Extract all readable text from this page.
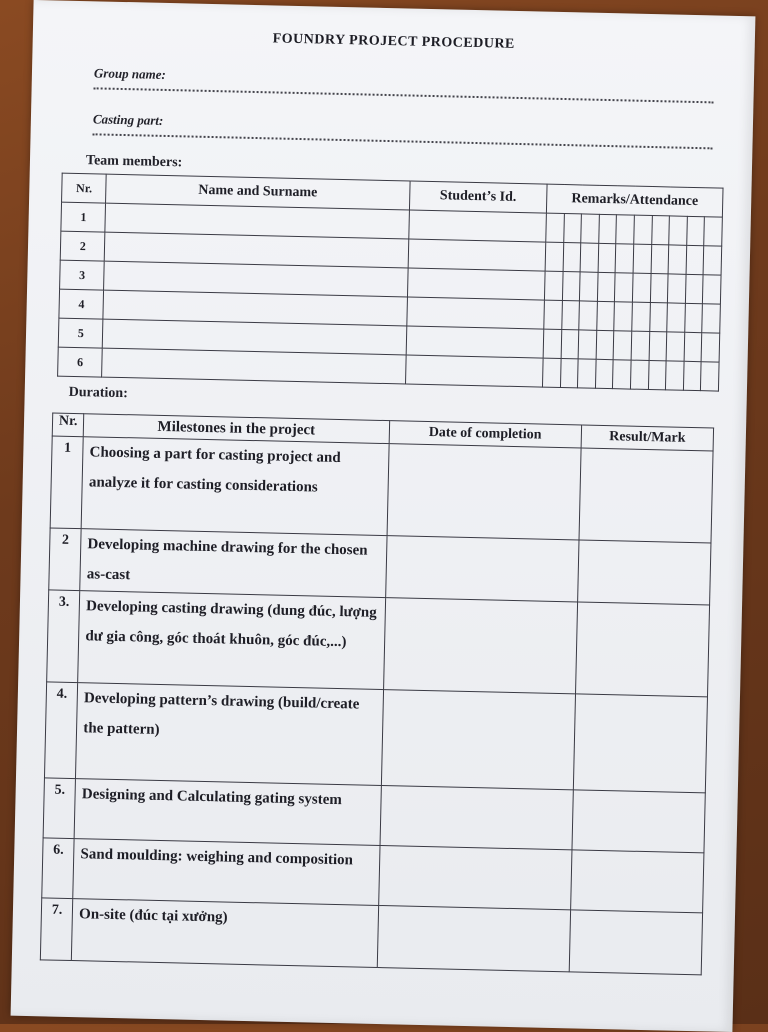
FOUNDRY PROJECT PROCEDURE
Group name:
Casting part:
Team members:
Nr.	Name and Surname	Student’s Id.	Remarks/Attendance									
1												
2												
3												
4												
5												
6												
Duration:
Nr.	Milestones in the project	Date of completion	Result/Mark
1	Choosing a part for casting project and analyze it for casting considerations		
2	Developing machine drawing for the chosen as-cast		
3.	Developing casting drawing (dung đúc, lượng dư gia công, góc thoát khuôn, góc đúc,...)		
4.	Developing pattern’s drawing (build/create the pattern)		
5.	Designing and Calculating gating system		
6.	Sand moulding: weighing and composition		
7.	On-site (đúc tại xưởng)		
